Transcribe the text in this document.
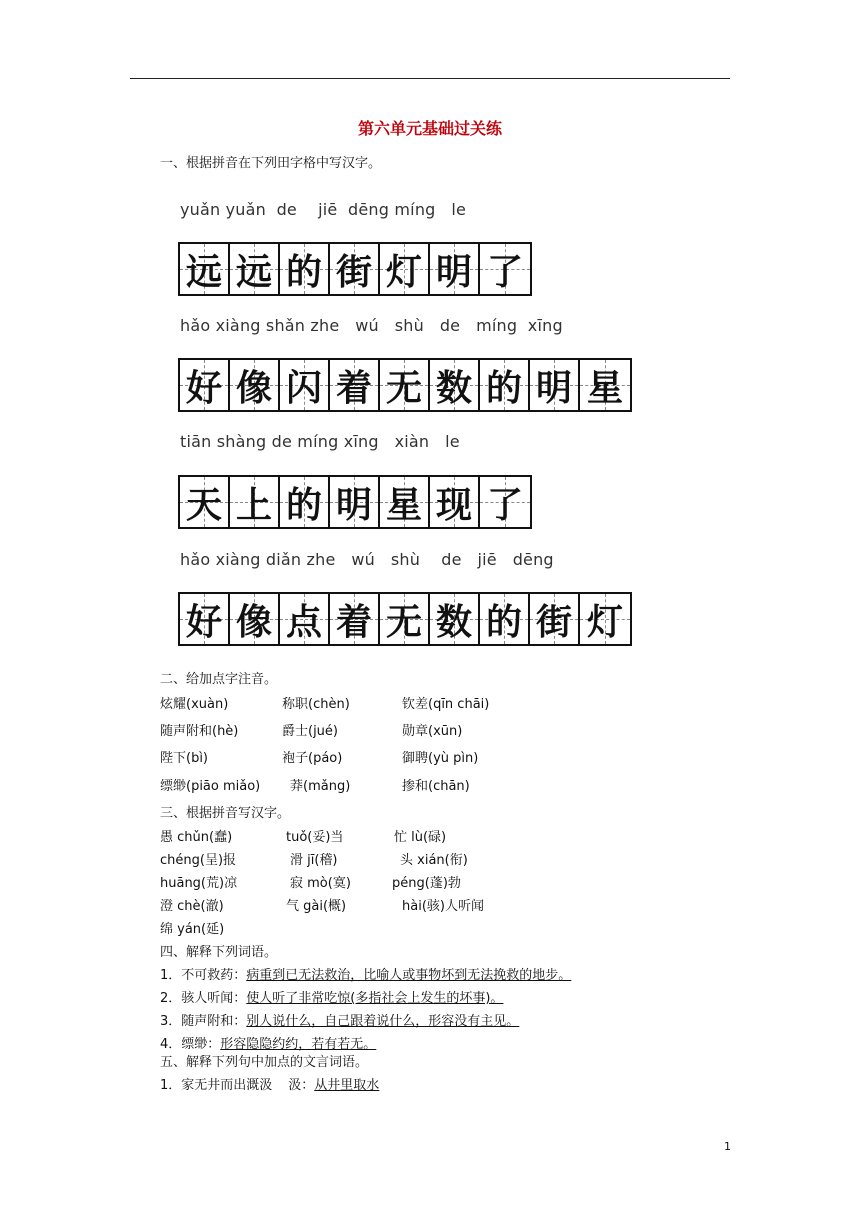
第六单元基础过关练
一、根据拼音在下列田字格中写汉字。
yuǎn yuǎn  de    jiē  dēng míng   le
远 远 的 街 灯 明 了
hǎo xiàng shǎn zhe   wú   shù   de   míng  xīng
好 像 闪 着 无 数 的 明 星
tiān shàng de míng xīng   xiàn   le
天 上 的 明 星 现 了
hǎo xiàng diǎn zhe   wú   shù    de   jiē   dēng
好 像 点 着 无 数 的 街 灯
二、给加点字注音。
炫耀(xuàn)	称职(chèn)	钦差(qīn chāi)
随声附和(hè)	爵士(jué)	勋章(xūn)
陛下(bì)	袍子(páo)	御聘(yù pìn)
缥缈(piāo miǎo) 莽(mǎng)	掺和(chān)
三、根据拼音写汉字。
愚 chǔn(蠢)	tuǒ(妥)当	忙 lù(碌)
chéng(呈)报	滑 jī(稽)	头 xián(衔)
huāng(荒)凉	寂 mò(寞)	péng(蓬)勃
澄 chè(澈)	气 gài(概)	hài(骇)人听闻
绵 yán(延)
四、解释下列词语。
1．不可救药：病重到已无法救治，比喻人或事物坏到无法挽救的地步。
2．骇人听闻：使人听了非常吃惊(多指社会上发生的坏事)。
3．随声附和：别人说什么，自己跟着说什么，形容没有主见。
4．缥缈：形容隐隐约约，若有若无。
五、解释下列句中加点的文言词语。
1．家无井而出溉汲 汲：从井里取水
1
